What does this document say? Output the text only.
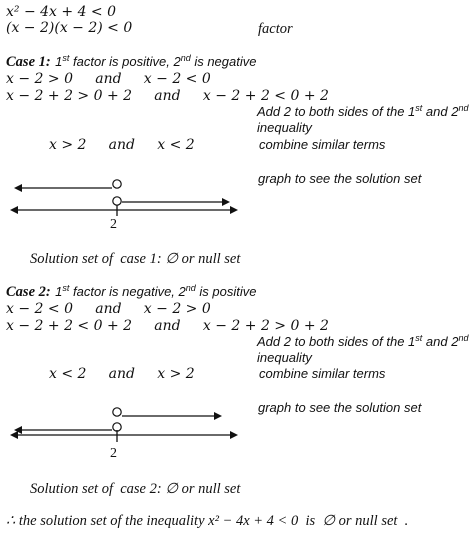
x² − 4x + 4 < 0
(x − 2)(x − 2) < 0	factor
Case 1: 1st factor is positive, 2nd is negative
x − 2 > 0     and     x − 2 < 0
x − 2 + 2 > 0 + 2     and     x − 2 + 2 < 0 + 2
Add 2 to both sides of the 1st and 2nd
inequality
x > 2     and     x < 2	combine similar terms
graph to see the solution set
2
Solution set of  case 1: ∅ or null set
Case 2: 1st factor is negative, 2nd is positive
x − 2 < 0     and     x − 2 > 0
x − 2 + 2 < 0 + 2     and     x − 2 + 2 > 0 + 2
Add 2 to both sides of the 1st and 2nd
inequality
x < 2     and     x > 2	combine similar terms
graph to see the solution set
2
Solution set of  case 2: ∅ or null set
∴ the solution set of the inequality x² − 4x + 4 < 0  is  ∅ or null set  .
